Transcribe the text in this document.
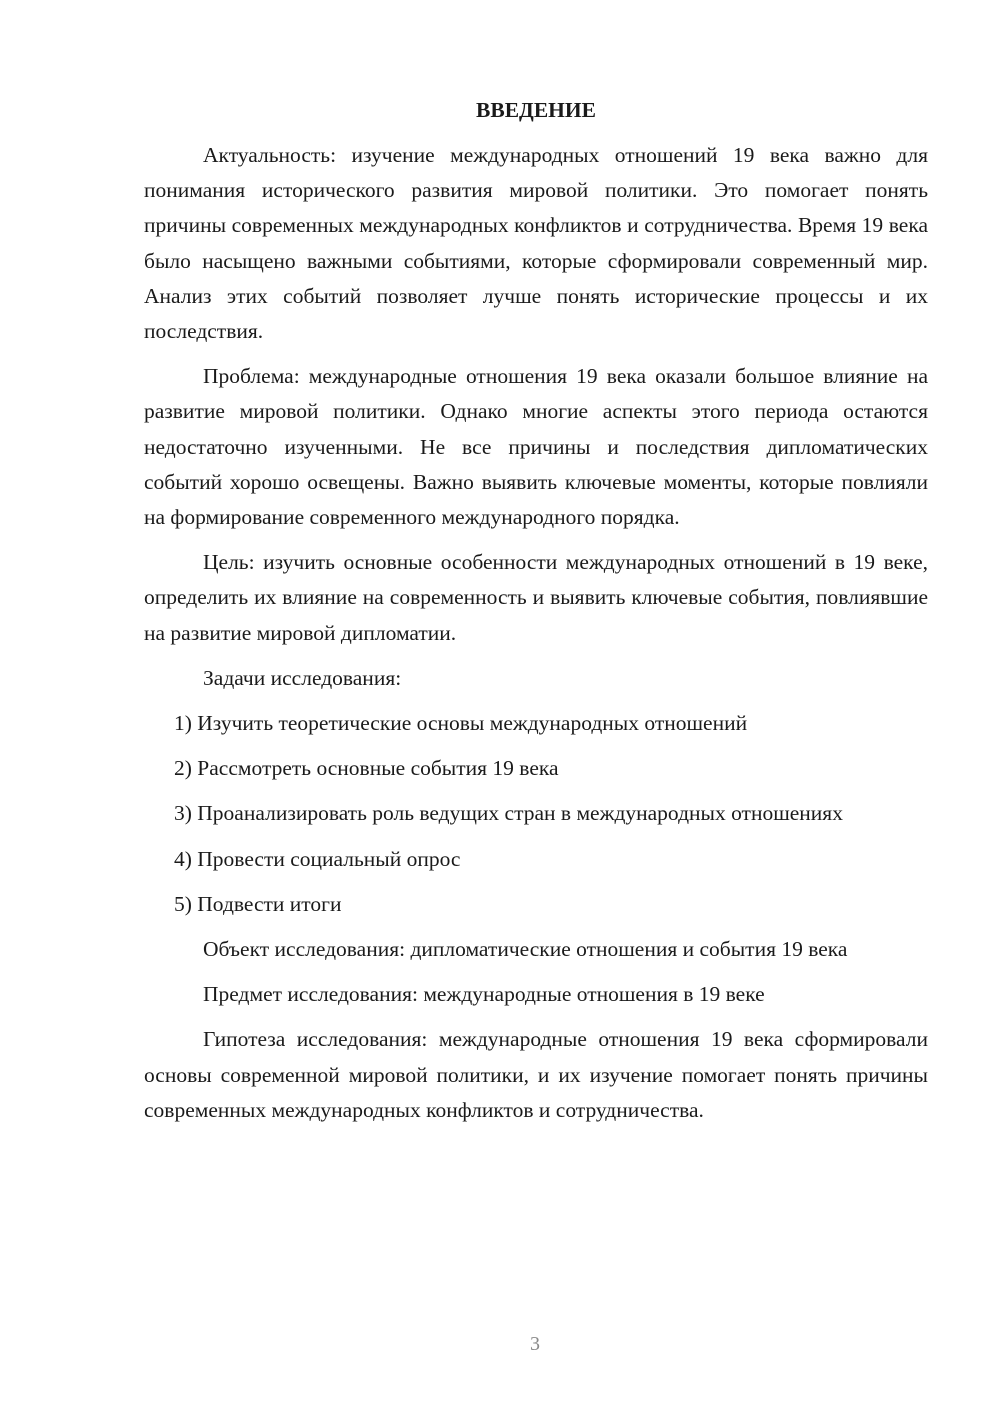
ВВЕДЕНИЕ

Актуальность: изучение международных отношений 19 века важно для понимания исторического развития мировой политики. Это помогает понять причины современных международных конфликтов и сотрудничества. Время 19 века было насыщено важными событиями, которые сформировали современный мир. Анализ этих событий позволяет лучше понять исторические процессы и их последствия.

Проблема: международные отношения 19 века оказали большое влияние на развитие мировой политики. Однако многие аспекты этого периода остаются недостаточно изученными. Не все причины и последствия дипломатических событий хорошо освещены. Важно выявить ключевые моменты, которые повлияли на формирование современного международного порядка.

Цель: изучить основные особенности международных отношений в 19 веке, определить их влияние на современность и выявить ключевые события, повлиявшие на развитие мировой дипломатии.

Задачи исследования:

1) Изучить теоретические основы международных отношений

2) Рассмотреть основные события 19 века

3) Проанализировать роль ведущих стран в международных отношениях

4) Провести социальный опрос

5) Подвести итоги

Объект исследования: дипломатические отношения и события 19 века

Предмет исследования: международные отношения в 19 веке

Гипотеза исследования: международные отношения 19 века сформировали основы современной мировой политики, и их изучение помогает понять причины современных международных конфликтов и сотрудничества.

3
